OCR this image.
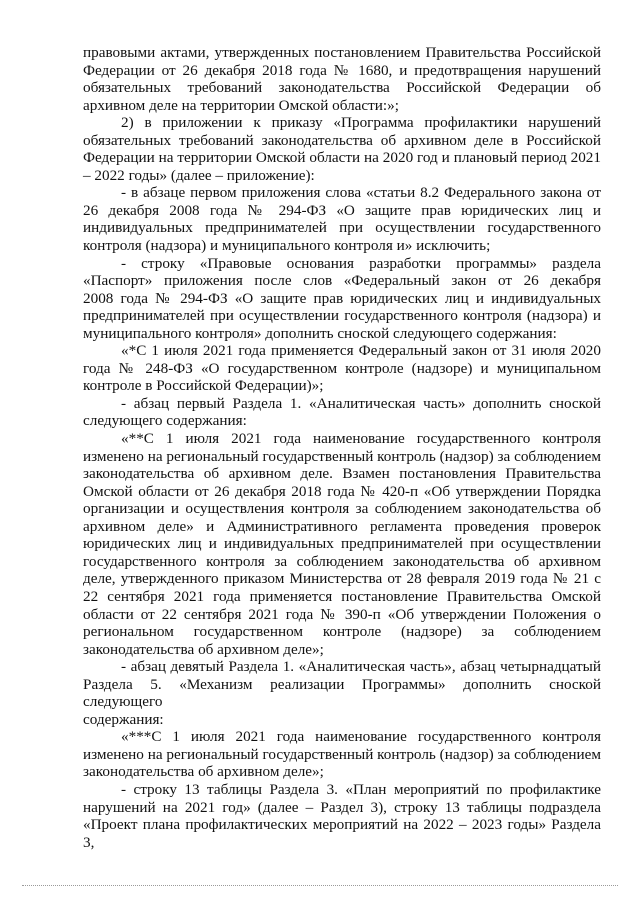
правовыми актами, утвержденных постановлением Правительства Российской

Федерации от 26 декабря 2018 года № 1680, и предотвращения нарушений

обязательных требований законодательства Российской Федерации об

архивном деле на территории Омской области:»;

2) в приложении к приказу «Программа профилактики нарушений

обязательных требований законодательства об архивном деле в Российской

Федерации на территории Омской области на 2020 год и плановый период 2021

– 2022 годы» (далее – приложение):

- в абзаце первом приложения слова «статьи 8.2 Федерального закона от

26 декабря 2008 года № 294-ФЗ «О защите прав юридических лиц и

индивидуальных предпринимателей при осуществлении государственного

контроля (надзора) и муниципального контроля и» исключить;

- строку «Правовые основания разработки программы» раздела

«Паспорт» приложения после слов «Федеральный закон от 26 декабря

2008 года № 294-ФЗ «О защите прав юридических лиц и индивидуальных

предпринимателей при осуществлении государственного контроля (надзора) и

муниципального контроля» дополнить сноской следующего содержания:

«*С 1 июля 2021 года применяется Федеральный закон от 31 июля 2020

года № 248-ФЗ «О государственном контроле (надзоре) и муниципальном

контроле в Российской Федерации)»;

- абзац первый Раздела 1. «Аналитическая часть» дополнить сноской

следующего содержания:

«**С 1 июля 2021 года наименование государственного контроля

изменено на региональный государственный контроль (надзор) за соблюдением

законодательства об архивном деле. Взамен постановления Правительства

Омской области от 26 декабря 2018 года № 420-п «Об утверждении Порядка

организации и осуществления контроля за соблюдением законодательства об

архивном деле» и Административного регламента проведения проверок

юридических лиц и индивидуальных предпринимателей при осуществлении

государственного контроля за соблюдением законодательства об архивном

деле, утвержденного приказом Министерства от 28 февраля 2019 года № 21 с

22 сентября 2021 года применяется постановление Правительства Омской

области от 22 сентября 2021 года № 390-п «Об утверждении Положения о

региональном государственном контроле (надзоре) за соблюдением

законодательства об архивном деле»;

- абзац девятый Раздела 1. «Аналитическая часть», абзац четырнадцатый

Раздела 5. «Механизм реализации Программы» дополнить сноской следующего

содержания:

«***С 1 июля 2021 года наименование государственного контроля

изменено на региональный государственный контроль (надзор) за соблюдением

законодательства об архивном деле»;

- строку 13 таблицы Раздела 3. «План мероприятий по профилактике

нарушений на 2021 год» (далее – Раздел 3), строку 13 таблицы подраздела

«Проект плана профилактических мероприятий на 2022 – 2023 годы» Раздела 3,
